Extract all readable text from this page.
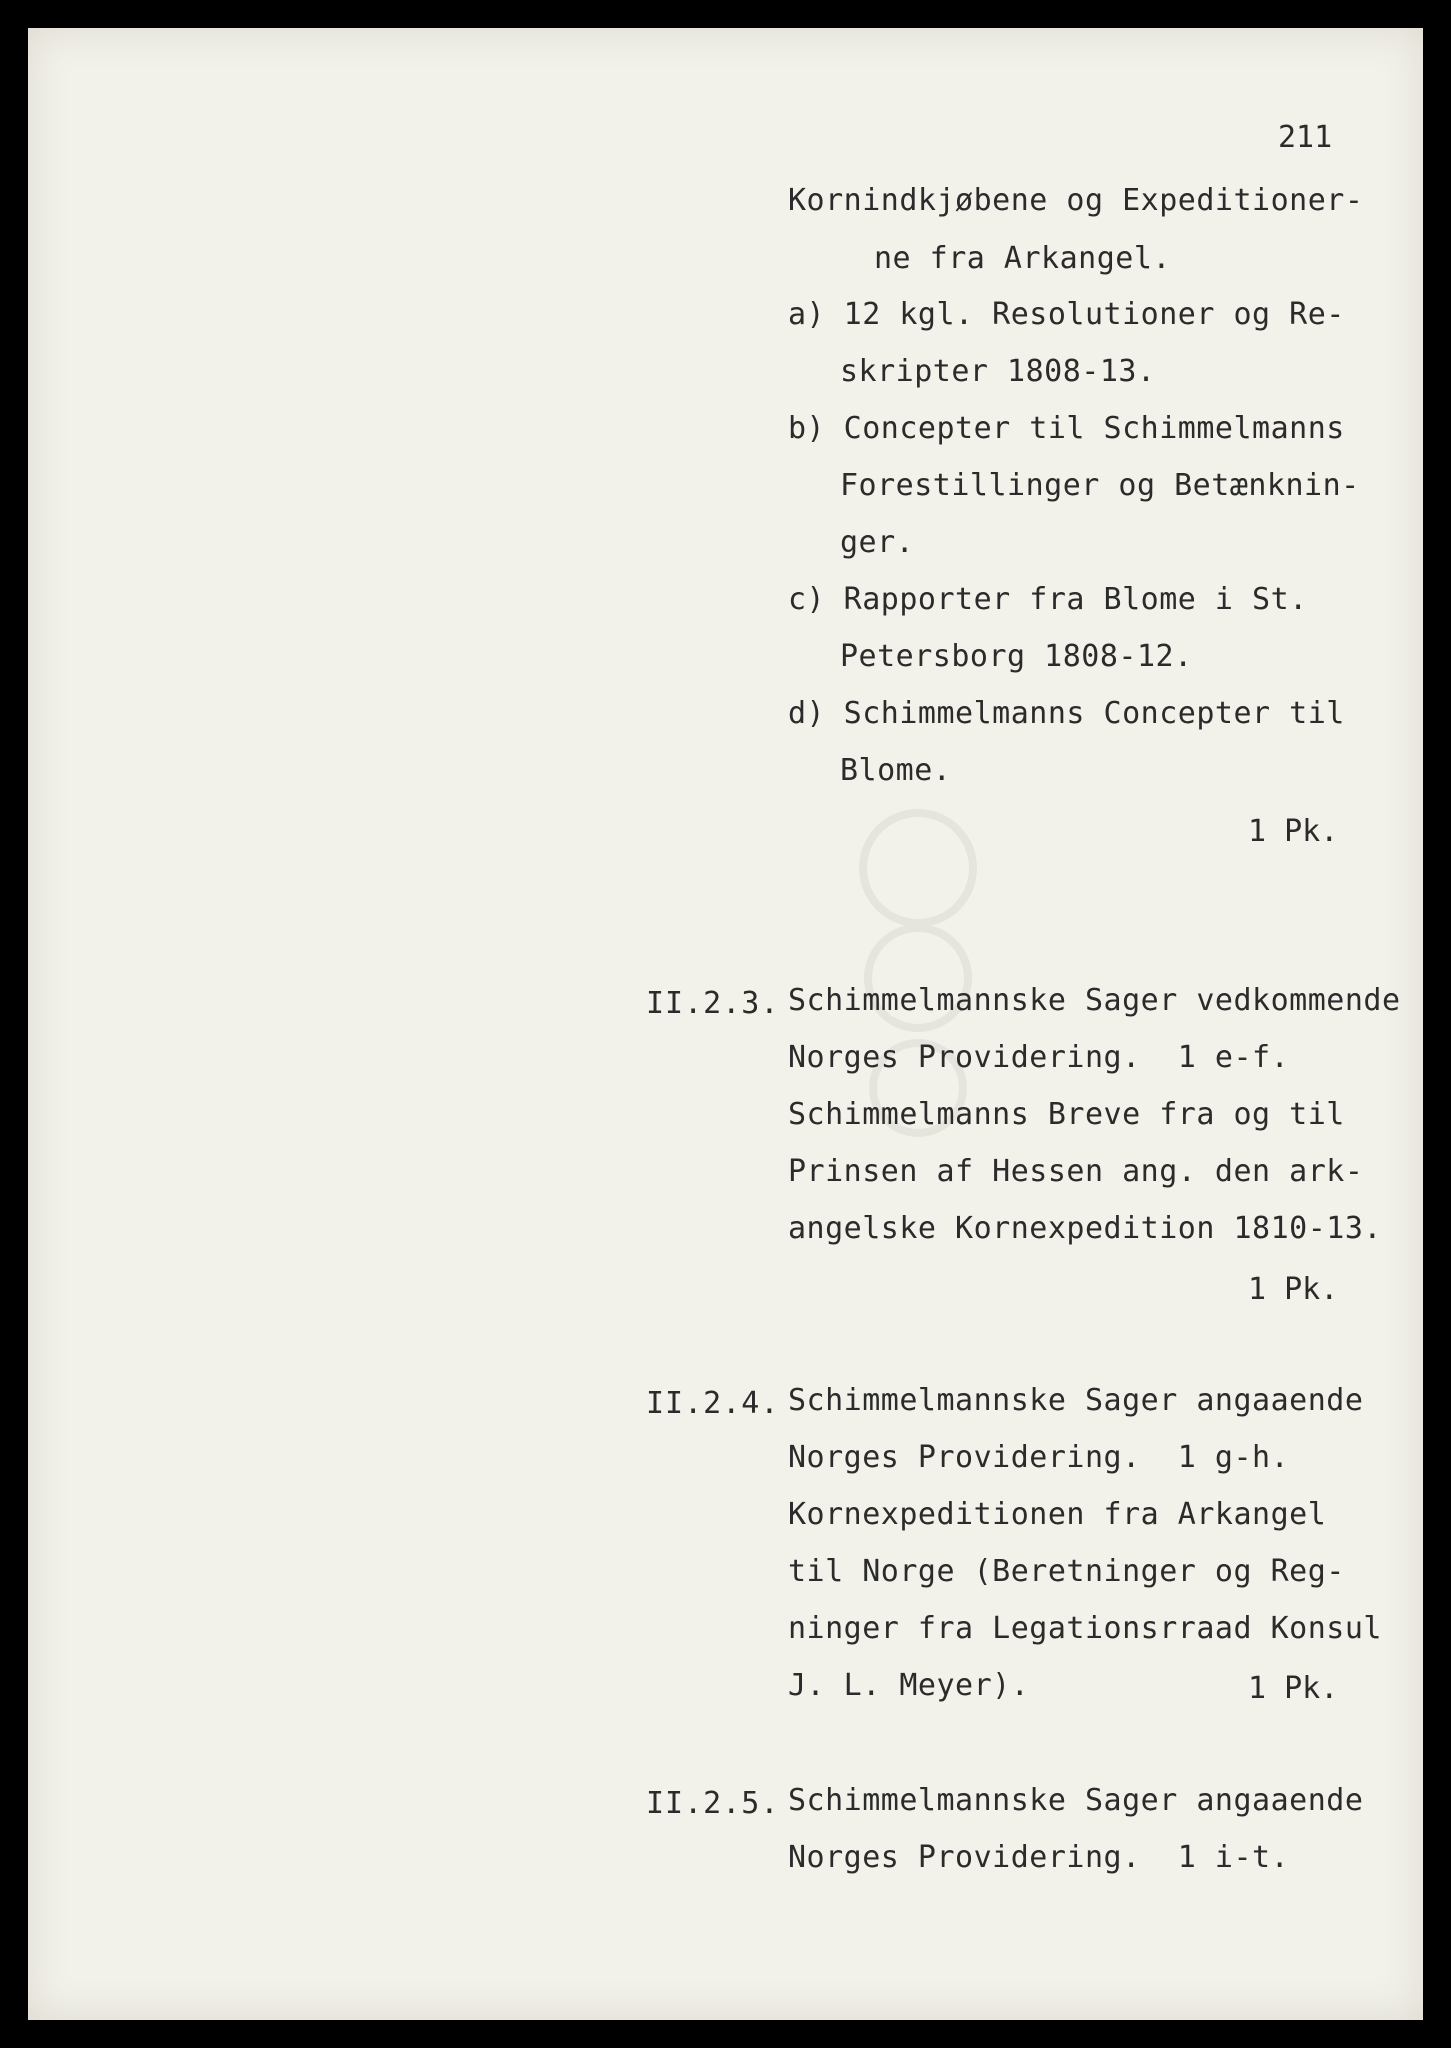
211
Kornindkjøbene og Expeditioner-
ne fra Arkangel.
a) 12 kgl. Resolutioner og Re-
skripter 1808-13.
b) Concepter til Schimmelmanns
Forestillinger og Betænknin-
ger.
c) Rapporter fra Blome i St.
Petersborg 1808-12.
d) Schimmelmanns Concepter til
Blome.
1 Pk.
II.2.3. Schimmelmannske Sager vedkommende
Norges Providering.  1 e-f.
Schimmelmanns Breve fra og til
Prinsen af Hessen ang. den ark-
angelske Kornexpedition 1810-13.
1 Pk.
II.2.4. Schimmelmannske Sager angaaende
Norges Providering.  1 g-h.
Kornexpeditionen fra Arkangel
til Norge (Beretninger og Reg-
ninger fra Legationsrraad Konsul
J. L. Meyer).	1 Pk.
II.2.5. Schimmelmannske Sager angaaende
Norges Providering.  1 i-t.
